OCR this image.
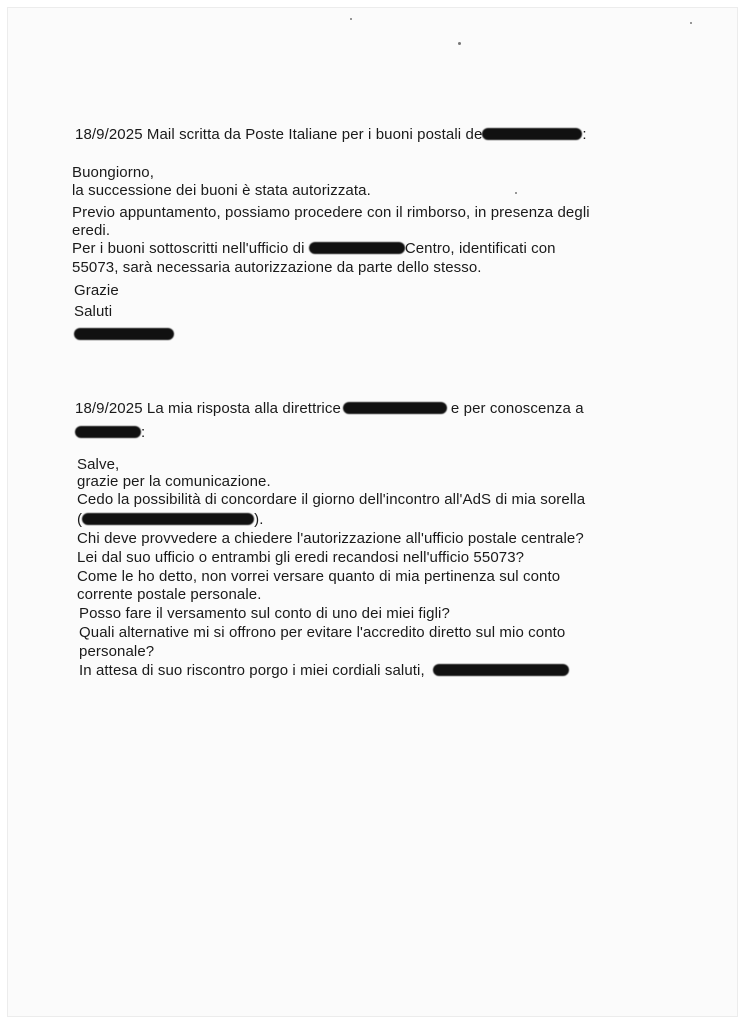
18/9/2025 Mail scritta da Poste Italiane per i buoni postali de	:
Buongiorno,
la successione dei buoni è stata autorizzata.
Previo appuntamento, possiamo procedere con il rimborso, in presenza degli
eredi.
Per i buoni sottoscritti nell'ufficio di	Centro, identificati con
55073, sarà necessaria autorizzazione da parte dello stesso.
Grazie
Saluti
18/9/2025 La mia risposta alla direttrice	e per conoscenza a
:
Salve,
grazie per la comunicazione.
Cedo la possibilità di concordare il giorno dell'incontro all'AdS di mia sorella
(	).
Chi deve provvedere a chiedere l'autorizzazione all'ufficio postale centrale?
Lei dal suo ufficio o entrambi gli eredi recandosi nell'ufficio 55073?
Come le ho detto, non vorrei versare quanto di mia pertinenza sul conto
corrente postale personale.
Posso fare il versamento sul conto di uno dei miei figli?
Quali alternative mi si offrono per evitare l'accredito diretto sul mio conto
personale?
In attesa di suo riscontro porgo i miei cordiali saluti,
